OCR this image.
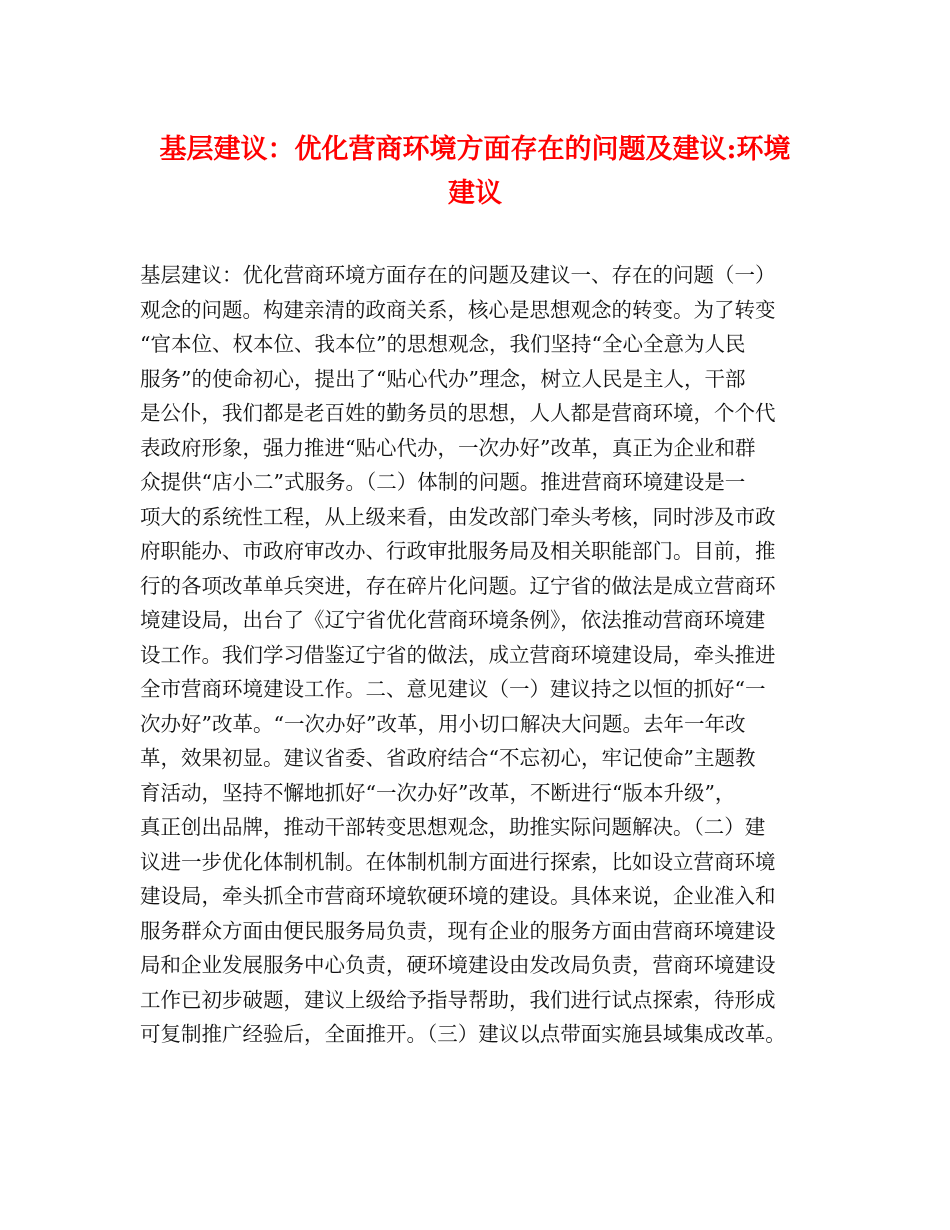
基层建议：优化营商环境方面存在的问题及建议:环境
建议
基层建议：优化营商环境方面存在的问题及建议一、存在的问题（一）
观念的问题。构建亲清的政商关系，核心是思想观念的转变。为了转变
“官本位、权本位、我本位”的思想观念，我们坚持“全心全意为人民
服务”的使命初心，提出了“贴心代办”理念，树立人民是主人，干部
是公仆，我们都是老百姓的勤务员的思想，人人都是营商环境，个个代
表政府形象，强力推进“贴心代办，一次办好”改革，真正为企业和群
众提供“店小二”式服务。（二）体制的问题。推进营商环境建设是一
项大的系统性工程，从上级来看，由发改部门牵头考核，同时涉及市政
府职能办、市政府审改办、行政审批服务局及相关职能部门。目前，推
行的各项改革单兵突进，存在碎片化问题。辽宁省的做法是成立营商环
境建设局，出台了《辽宁省优化营商环境条例》，依法推动营商环境建
设工作。我们学习借鉴辽宁省的做法，成立营商环境建设局，牵头推进
全市营商环境建设工作。二、意见建议（一）建议持之以恒的抓好“一
次办好”改革。“一次办好”改革，用小切口解决大问题。去年一年改
革，效果初显。建议省委、省政府结合“不忘初心，牢记使命”主题教
育活动，坚持不懈地抓好“一次办好”改革，不断进行“版本升级”，
真正创出品牌，推动干部转变思想观念，助推实际问题解决。（二）建
议进一步优化体制机制。在体制机制方面进行探索，比如设立营商环境
建设局，牵头抓全市营商环境软硬环境的建设。具体来说，企业准入和
服务群众方面由便民服务局负责，现有企业的服务方面由营商环境建设
局和企业发展服务中心负责，硬环境建设由发改局负责，营商环境建设
工作已初步破题，建议上级给予指导帮助，我们进行试点探索，待形成
可复制推广经验后，全面推开。（三）建议以点带面实施县域集成改革。
